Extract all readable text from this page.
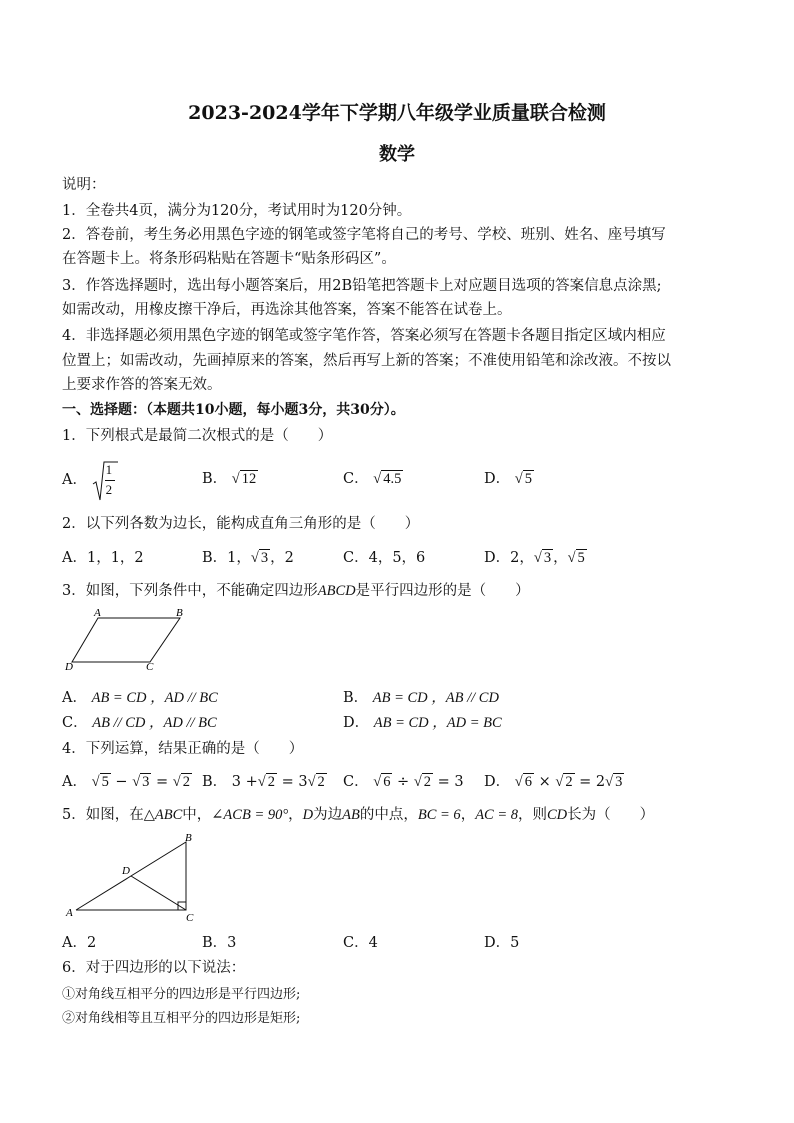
2023-2024学年下学期八年级学业质量联合检测
数学
说明：
1．全卷共4页，满分为120分，考试用时为120分钟。
2．答卷前，考生务必用黑色字迹的钢笔或签字笔将自己的考号、学校、班别、姓名、座号填写
在答题卡上。将条形码粘贴在答题卡“贴条形码区”。
3．作答选择题时，选出每小题答案后，用2B铅笔把答题卡上对应题目选项的答案信息点涂黑;
如需改动，用橡皮擦干净后，再选涂其他答案，答案不能答在试卷上。
4．非选择题必须用黑色字迹的钢笔或签字笔作答，答案必须写在答题卡各题目指定区域内相应
位置上；如需改动，先画掉原来的答案，然后再写上新的答案；不准使用铅笔和涂改液。不按以
上要求作答的答案无效。
一、选择题：（本题共10小题，每小题3分，共30分）。
1．下列根式是最简二次根式的是（　　）
A． $\frac{1}{2}$	B． √ 12	C． √ 4.5	D． √ 5
2．以下列各数为边长，能构成直角三角形的是（　　）
A．1，1，2	B．1，√ 3 ，2	C．4，5，6	D．2，√ 3 ，√ 5
3．如图，下列条件中，不能确定四边形ABCD是平行四边形的是（　　）
A	B
C
D
A． AB = CD ，AD // BC	B． AB = CD ，AB // CD
C． AB // CD ，AD // BC	D． AB = CD ，AD = BC
4．下列运算，结果正确的是（　　）
A． √ 5 − √ 3 = √ 2 B． 3 +√ 2 = 3√ 2 C． √ 6 ÷ √ 2 = 3 D． √ 6 × √ 2 = 2√ 3
5．如图，在△ABC中，∠ACB = 90°，D为边AB的中点，BC = 6，AC = 8，则CD长为（　　）
A
B
C
D
A．2	B．3	C．4	D．5
6．对于四边形的以下说法：
①对角线互相平分的四边形是平行四边形;
②对角线相等且互相平分的四边形是矩形;
